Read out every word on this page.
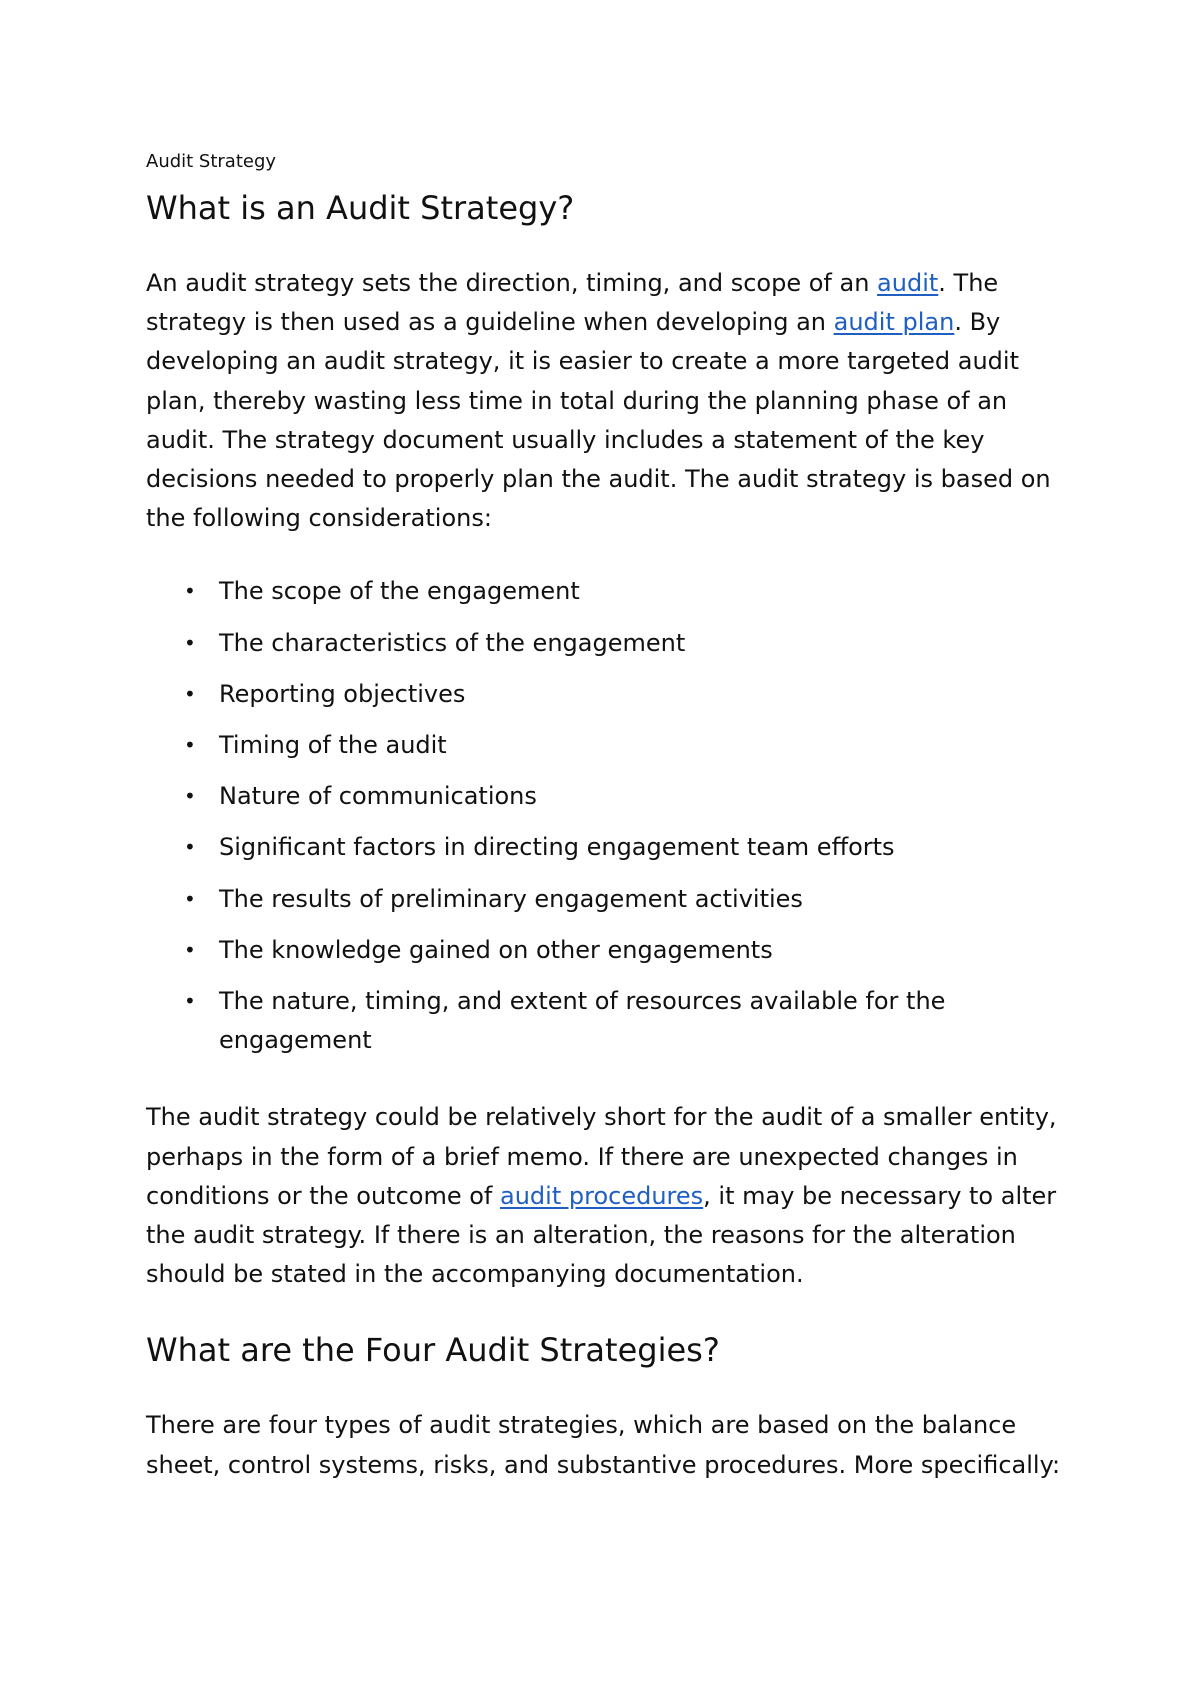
Audit Strategy
What is an Audit Strategy?

An audit strategy sets the direction, timing, and scope of an audit. The strategy is then used as a guideline when developing an audit plan. By developing an audit strategy, it is easier to create a more targeted audit plan, thereby wasting less time in total during the planning phase of an audit. The strategy document usually includes a statement of the key decisions needed to properly plan the audit. The audit strategy is based on the following considerations:

• The scope of the engagement
• The characteristics of the engagement
• Reporting objectives
• Timing of the audit
• Nature of communications
• Significant factors in directing engagement team efforts
• The results of preliminary engagement activities
• The knowledge gained on other engagements
• The nature, timing, and extent of resources available for the engagement

The audit strategy could be relatively short for the audit of a smaller entity, perhaps in the form of a brief memo. If there are unexpected changes in conditions or the outcome of audit procedures, it may be necessary to alter the audit strategy. If there is an alteration, the reasons for the alteration should be stated in the accompanying documentation.

What are the Four Audit Strategies?

There are four types of audit strategies, which are based on the balance sheet, control systems, risks, and substantive procedures. More specifically:
